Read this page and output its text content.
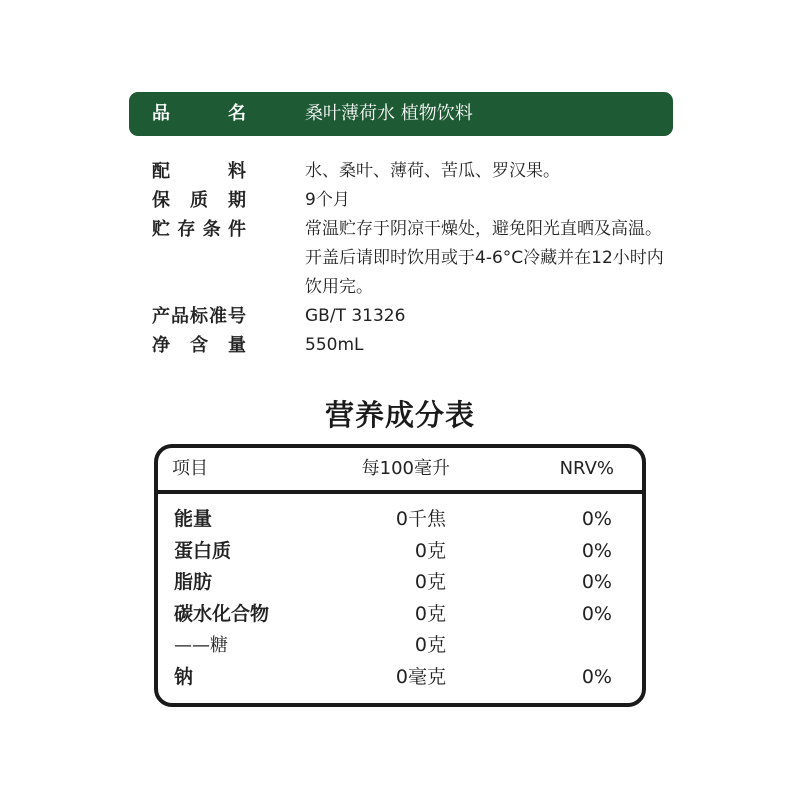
品名	桑叶薄荷水 植物饮料
配料	水、桑叶、薄荷、苦瓜、罗汉果。
保质期	9个月
贮存条件	常温贮存于阴凉干燥处，避免阳光直晒及高温。开盖后请即时饮用或于4-6°C冷藏并在12小时内饮用完。
产品标准号	GB/T 31326
净含量	550mL
营养成分表
项目	每100毫升	NRV%
能量	0千焦	0%
蛋白质	0克	0%
脂肪	0克	0%
碳水化合物	0克	0%
——糖	0克
钠	0毫克	0%
